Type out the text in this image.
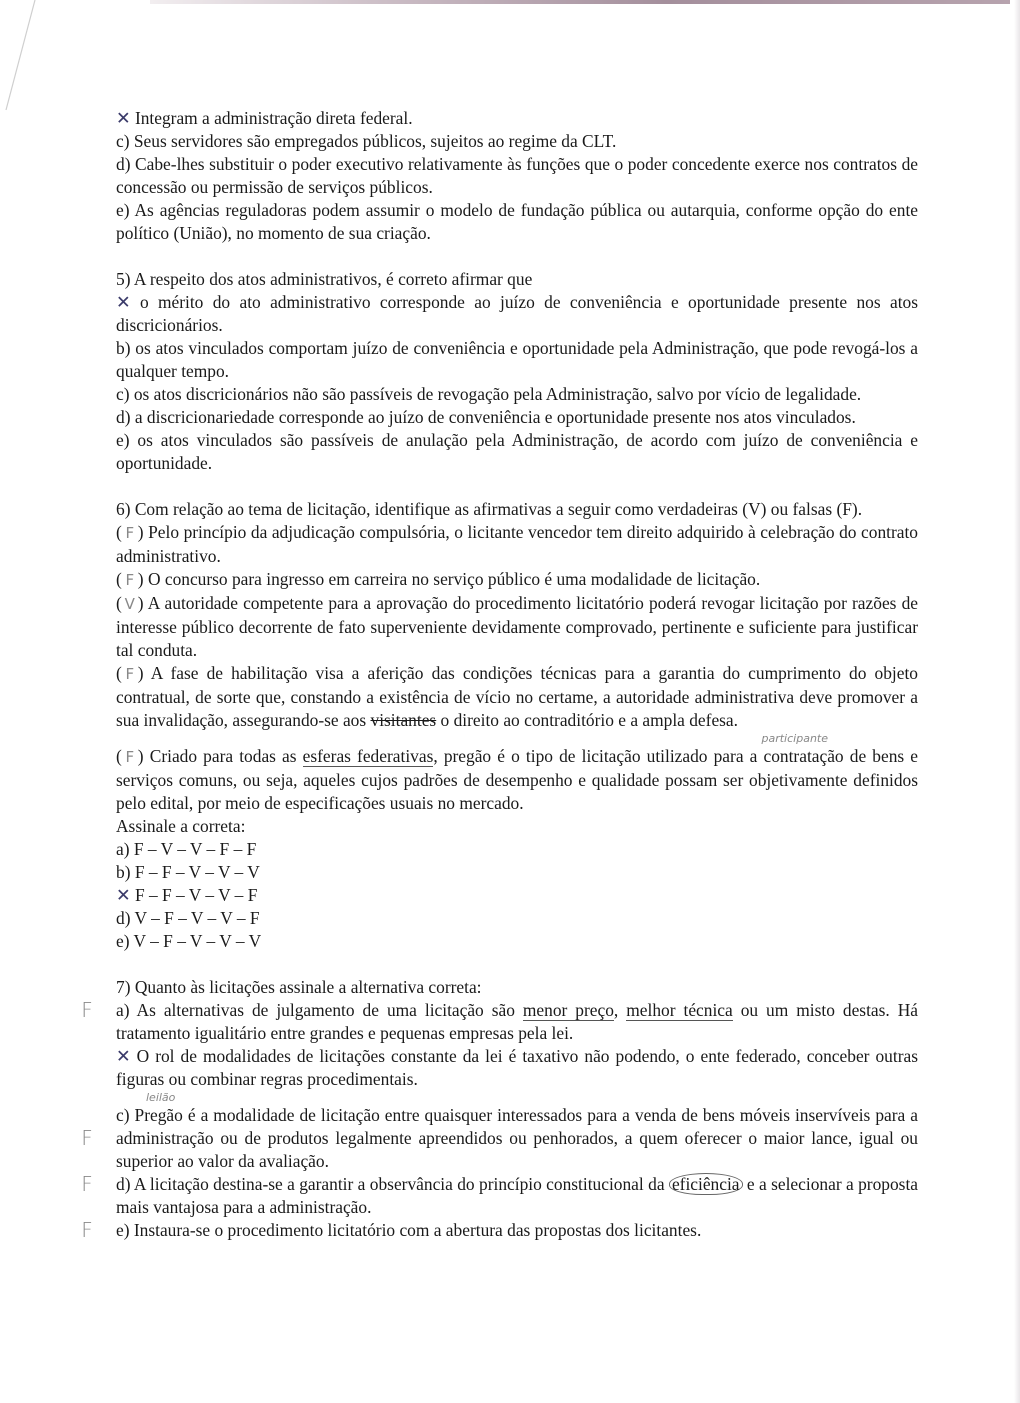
✕ Integram a administração direta federal.

c) Seus servidores são empregados públicos, sujeitos ao regime da CLT.

d) Cabe-lhes substituir o poder executivo relativamente às funções que o poder concedente exerce nos contratos de concessão ou permissão de serviços públicos.

e) As agências reguladoras podem assumir o modelo de fundação pública ou autarquia, conforme opção do ente político (União), no momento de sua criação.

5) A respeito dos atos administrativos, é correto afirmar que

✕ o mérito do ato administrativo corresponde ao juízo de conveniência e oportunidade presente nos atos discricionários.

b) os atos vinculados comportam juízo de conveniência e oportunidade pela Administração, que pode revogá-los a qualquer tempo.

c) os atos discricionários não são passíveis de revogação pela Administração, salvo por vício de legalidade.

d) a discricionariedade corresponde ao juízo de conveniência e oportunidade presente nos atos vinculados.

e) os atos vinculados são passíveis de anulação pela Administração, de acordo com juízo de conveniência e oportunidade.

6) Com relação ao tema de licitação, identifique as afirmativas a seguir como verdadeiras (V) ou falsas (F).

( F ) Pelo princípio da adjudicação compulsória, o licitante vencedor tem direito adquirido à celebração do contrato administrativo.

( F ) O concurso para ingresso em carreira no serviço público é uma modalidade de licitação.

( V ) A autoridade competente para a aprovação do procedimento licitatório poderá revogar licitação por razões de interesse público decorrente de fato superveniente devidamente comprovado, pertinente e suficiente para justificar tal conduta.

( F ) A fase de habilitação visa a aferição das condições técnicas para a garantia do cumprimento do objeto contratual, de sorte que, constando a existência de vício no certame, a autoridade administrativa deve promover a sua invalidação, assegurando-se aos visitantes o direito ao contraditório e a ampla defesa.

participante

( F ) Criado para todas as esferas federativas, pregão é o tipo de licitação utilizado para a contratação de bens e serviços comuns, ou seja, aqueles cujos padrões de desempenho e qualidade possam ser objetivamente definidos pelo edital, por meio de especificações usuais no mercado.

Assinale a correta:

a) F – V – V – F – F

b) F – F – V – V – V

✕ F – F – V – V – F

d) V – F – V – V – F

e) V – F – V – V – V

7) Quanto às licitações assinale a alternativa correta:

F	a) As alternativas de julgamento de uma licitação são menor preço, melhor técnica ou um misto destas. Há tratamento igualitário entre grandes e pequenas empresas pela lei.

✕ O rol de modalidades de licitações constante da lei é taxativo não podendo, o ente federado, conceber outras figuras ou combinar regras procedimentais.

leilão
F

c) Pregão é a modalidade de licitação entre quaisquer interessados para a venda de bens móveis inservíveis para a administração ou de produtos legalmente apreendidos ou penhorados, a quem oferecer o maior lance, igual ou superior ao valor da avaliação.

F	d) A licitação destina-se a garantir a observância do princípio constitucional da eficiência e a selecionar a proposta mais vantajosa para a administração.

F	e) Instaura-se o procedimento licitatório com a abertura das propostas dos licitantes.
